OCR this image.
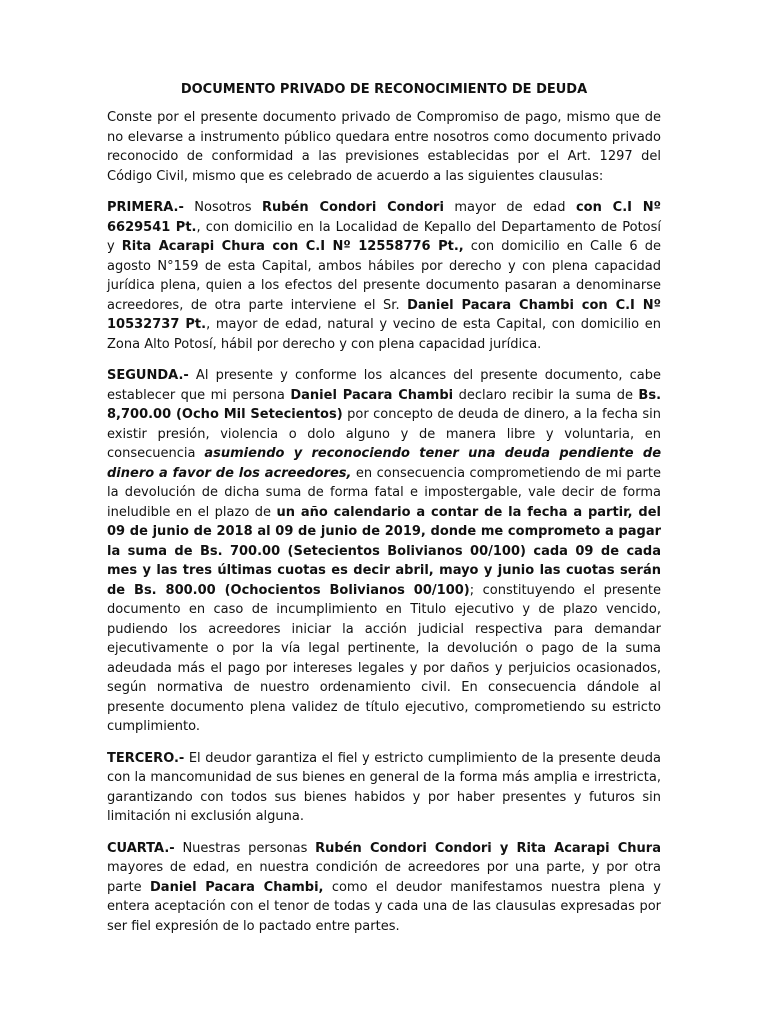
DOCUMENTO PRIVADO DE RECONOCIMIENTO DE DEUDA
Conste por el presente documento privado de Compromiso de pago, mismo que de no elevarse a instrumento público quedara entre nosotros como documento privado reconocido de conformidad a las previsiones establecidas por el Art. 1297 del Código Civil, mismo que es celebrado de acuerdo a las siguientes clausulas:
PRIMERA.- Nosotros Rubén Condori Condori mayor de edad con C.I Nº 6629541 Pt., con domicilio en la Localidad de Kepallo del Departamento de Potosí y Rita Acarapi Chura con C.I Nº 12558776 Pt., con domicilio en Calle 6 de agosto N°159 de esta Capital, ambos hábiles por derecho y con plena capacidad jurídica plena, quien a los efectos del presente documento pasaran a denominarse acreedores, de otra parte interviene el Sr. Daniel Pacara Chambi con C.I Nº 10532737 Pt., mayor de edad, natural y vecino de esta Capital, con domicilio en Zona Alto Potosí, hábil por derecho y con plena capacidad jurídica.
SEGUNDA.- Al presente y conforme los alcances del presente documento, cabe establecer que mi persona Daniel Pacara Chambi declaro recibir la suma de Bs. 8,700.00 (Ocho Mil Setecientos) por concepto de deuda de dinero, a la fecha sin existir presión, violencia o dolo alguno y de manera libre y voluntaria, en consecuencia asumiendo y reconociendo tener una deuda pendiente de dinero a favor de los acreedores, en consecuencia comprometiendo de mi parte la devolución de dicha suma de forma fatal e impostergable, vale decir de forma ineludible en el plazo de un año calendario a contar de la fecha a partir, del 09 de junio de 2018 al 09 de junio de 2019, donde me comprometo a pagar la suma de Bs. 700.00 (Setecientos Bolivianos 00/100) cada 09 de cada mes y las tres últimas cuotas es decir abril, mayo y junio las cuotas serán de Bs. 800.00 (Ochocientos Bolivianos 00/100); constituyendo el presente documento en caso de incumplimiento en Titulo ejecutivo y de plazo vencido, pudiendo los acreedores iniciar la acción judicial respectiva para demandar ejecutivamente o por la vía legal pertinente, la devolución o pago de la suma adeudada más el pago por intereses legales y por daños y perjuicios ocasionados, según normativa de nuestro ordenamiento civil. En consecuencia dándole al presente documento plena validez de título ejecutivo, comprometiendo su estricto cumplimiento.
TERCERO.- El deudor garantiza el fiel y estricto cumplimiento de la presente deuda con la mancomunidad de sus bienes en general de la forma más amplia e irrestricta, garantizando con todos sus bienes habidos y por haber presentes y futuros sin limitación ni exclusión alguna.
CUARTA.- Nuestras personas Rubén Condori Condori y Rita Acarapi Chura mayores de edad, en nuestra condición de acreedores por una parte, y por otra parte Daniel Pacara Chambi, como el deudor manifestamos nuestra plena y entera aceptación con el tenor de todas y cada una de las clausulas expresadas por ser fiel expresión de lo pactado entre partes.
